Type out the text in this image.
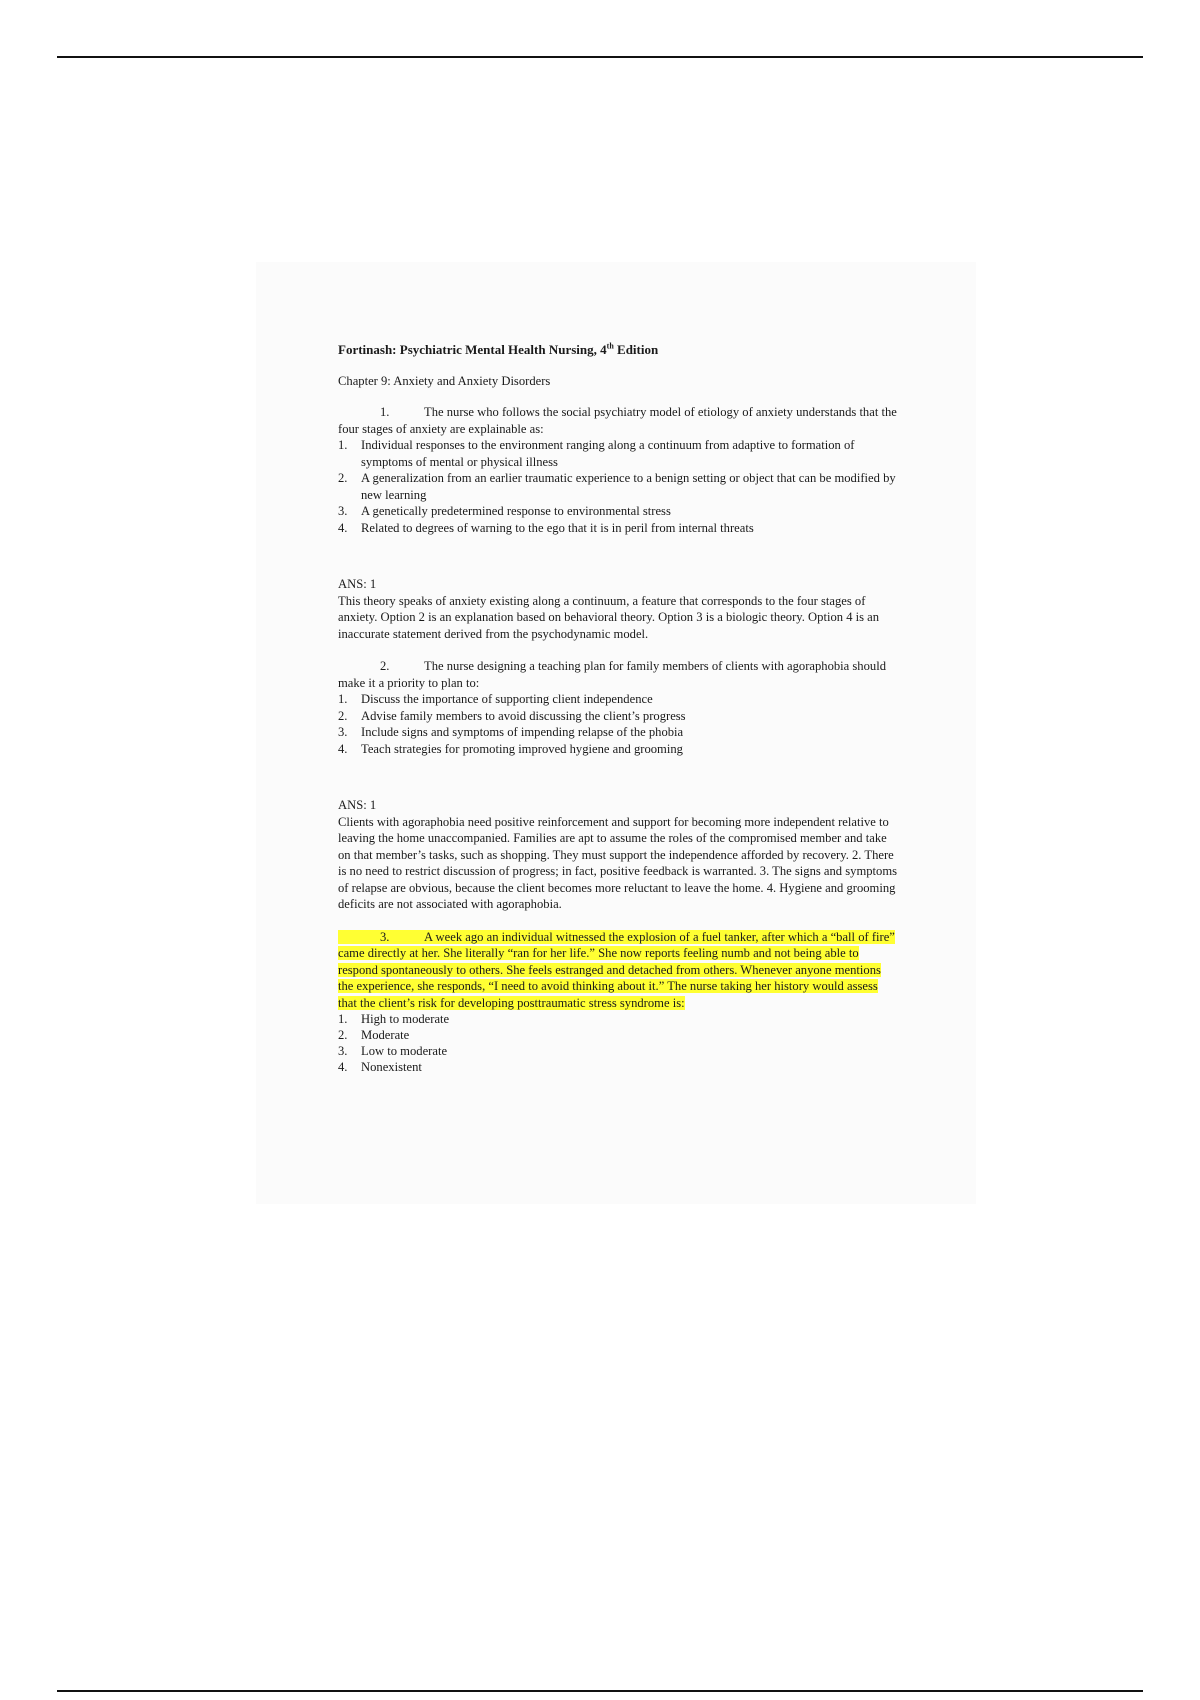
Fortinash: Psychiatric Mental Health Nursing, 4th Edition

Chapter 9: Anxiety and Anxiety Disorders

1.	The nurse who follows the social psychiatry model of etiology of anxiety understands that the four stages of anxiety are explainable as:

1. Individual responses to the environment ranging along a continuum from adaptive to formation of symptoms of mental or physical illness
2. A generalization from an earlier traumatic experience to a benign setting or object that can be modified by new learning
3. A genetically predetermined response to environmental stress
4. Related to degrees of warning to the ego that it is in peril from internal threats

ANS: 1

This theory speaks of anxiety existing along a continuum, a feature that corresponds to the four stages of anxiety. Option 2 is an explanation based on behavioral theory. Option 3 is a biologic theory. Option 4 is an inaccurate statement derived from the psychodynamic model.

2.	The nurse designing a teaching plan for family members of clients with agoraphobia should make it a priority to plan to:

1. Discuss the importance of supporting client independence
2. Advise family members to avoid discussing the client’s progress
3. Include signs and symptoms of impending relapse of the phobia
4. Teach strategies for promoting improved hygiene and grooming

ANS: 1

Clients with agoraphobia need positive reinforcement and support for becoming more independent relative to leaving the home unaccompanied. Families are apt to assume the roles of the compromised member and take on that member’s tasks, such as shopping. They must support the independence afforded by recovery. 2. There is no need to restrict discussion of progress; in fact, positive feedback is warranted. 3. The signs and symptoms of relapse are obvious, because the client becomes more reluctant to leave the home. 4. Hygiene and grooming deficits are not associated with agoraphobia.

3.	A week ago an individual witnessed the explosion of a fuel tanker, after which a “ball of fire” came directly at her. She literally “ran for her life.” She now reports feeling numb and not being able to respond spontaneously to others. She feels estranged and detached from others. Whenever anyone mentions the experience, she responds, “I need to avoid thinking about it.” The nurse taking her history would assess that the client’s risk for developing posttraumatic stress syndrome is:

1. High to moderate
2. Moderate
3. Low to moderate
4. Nonexistent
